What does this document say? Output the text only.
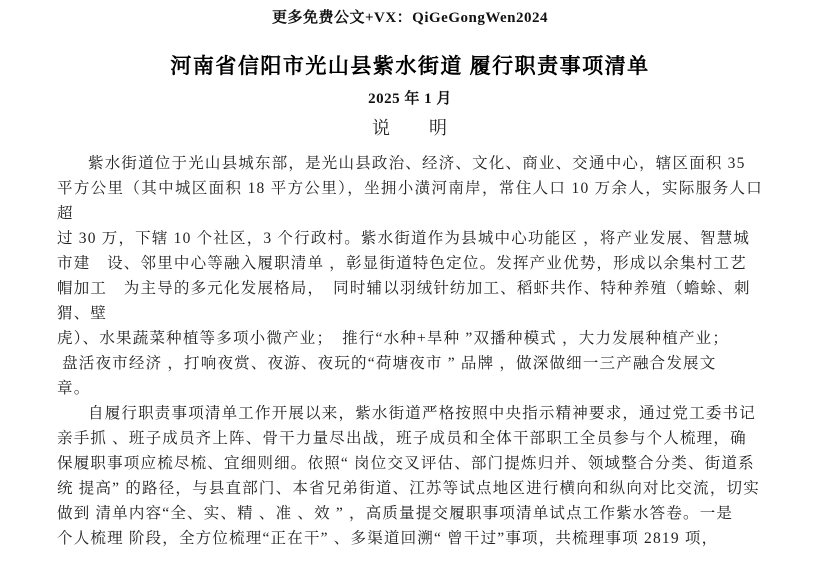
更多免费公文+VX：QiGeGongWen2024
河南省信阳市光山县紫水街道 履行职责事项清单
2025 年 1 月
说　　明
紫水街道位于光山县城东部，是光山县政治、经济、文化、商业、交通中心，辖区面积 35
平方公里（其中城区面积 18 平方公里），坐拥小潢河南岸，常住人口 10 万余人，实际服务人口超
过 30 万，下辖 10 个社区，3 个行政村。紫水街道作为县城中心功能区 ，将产业发展、智慧城
市建　设、邻里中心等融入履职清单 ，彰显街道特色定位。发挥产业优势，形成以余集村工艺
帽加工　为主导的多元化发展格局，　同时辅以羽绒针纺加工、稻虾共作、特种养殖（蟾蜍、刺
猬、壁
虎）、水果蔬菜种植等多项小微产业；　推行“水种+旱种 ”双播种模式 ，大力发展种植产业；
盘活夜市经济 ，打响夜赏、夜游、夜玩的“荷塘夜市 ” 品牌 ，做深做细一三产融合发展文
章。
自履行职责事项清单工作开展以来，紫水街道严格按照中央指示精神要求，通过党工委书记
亲手抓 、班子成员齐上阵、骨干力量尽出战，班子成员和全体干部职工全员参与个人梳理，确
保履职事项应梳尽梳、宜细则细。依照“ 岗位交叉评估、部门提炼归并、领域整合分类、街道系
统 提高” 的路径，与县直部门、本省兄弟街道、江苏等试点地区进行横向和纵向对比交流，切实
做到 清单内容“全、实、精 、准 、效 ” ，高质量提交履职事项清单试点工作紫水答卷。一是
个人梳理 阶段，全方位梳理“正在干” 、多渠道回溯“ 曾干过”事项，共梳理事项 2819 项，
